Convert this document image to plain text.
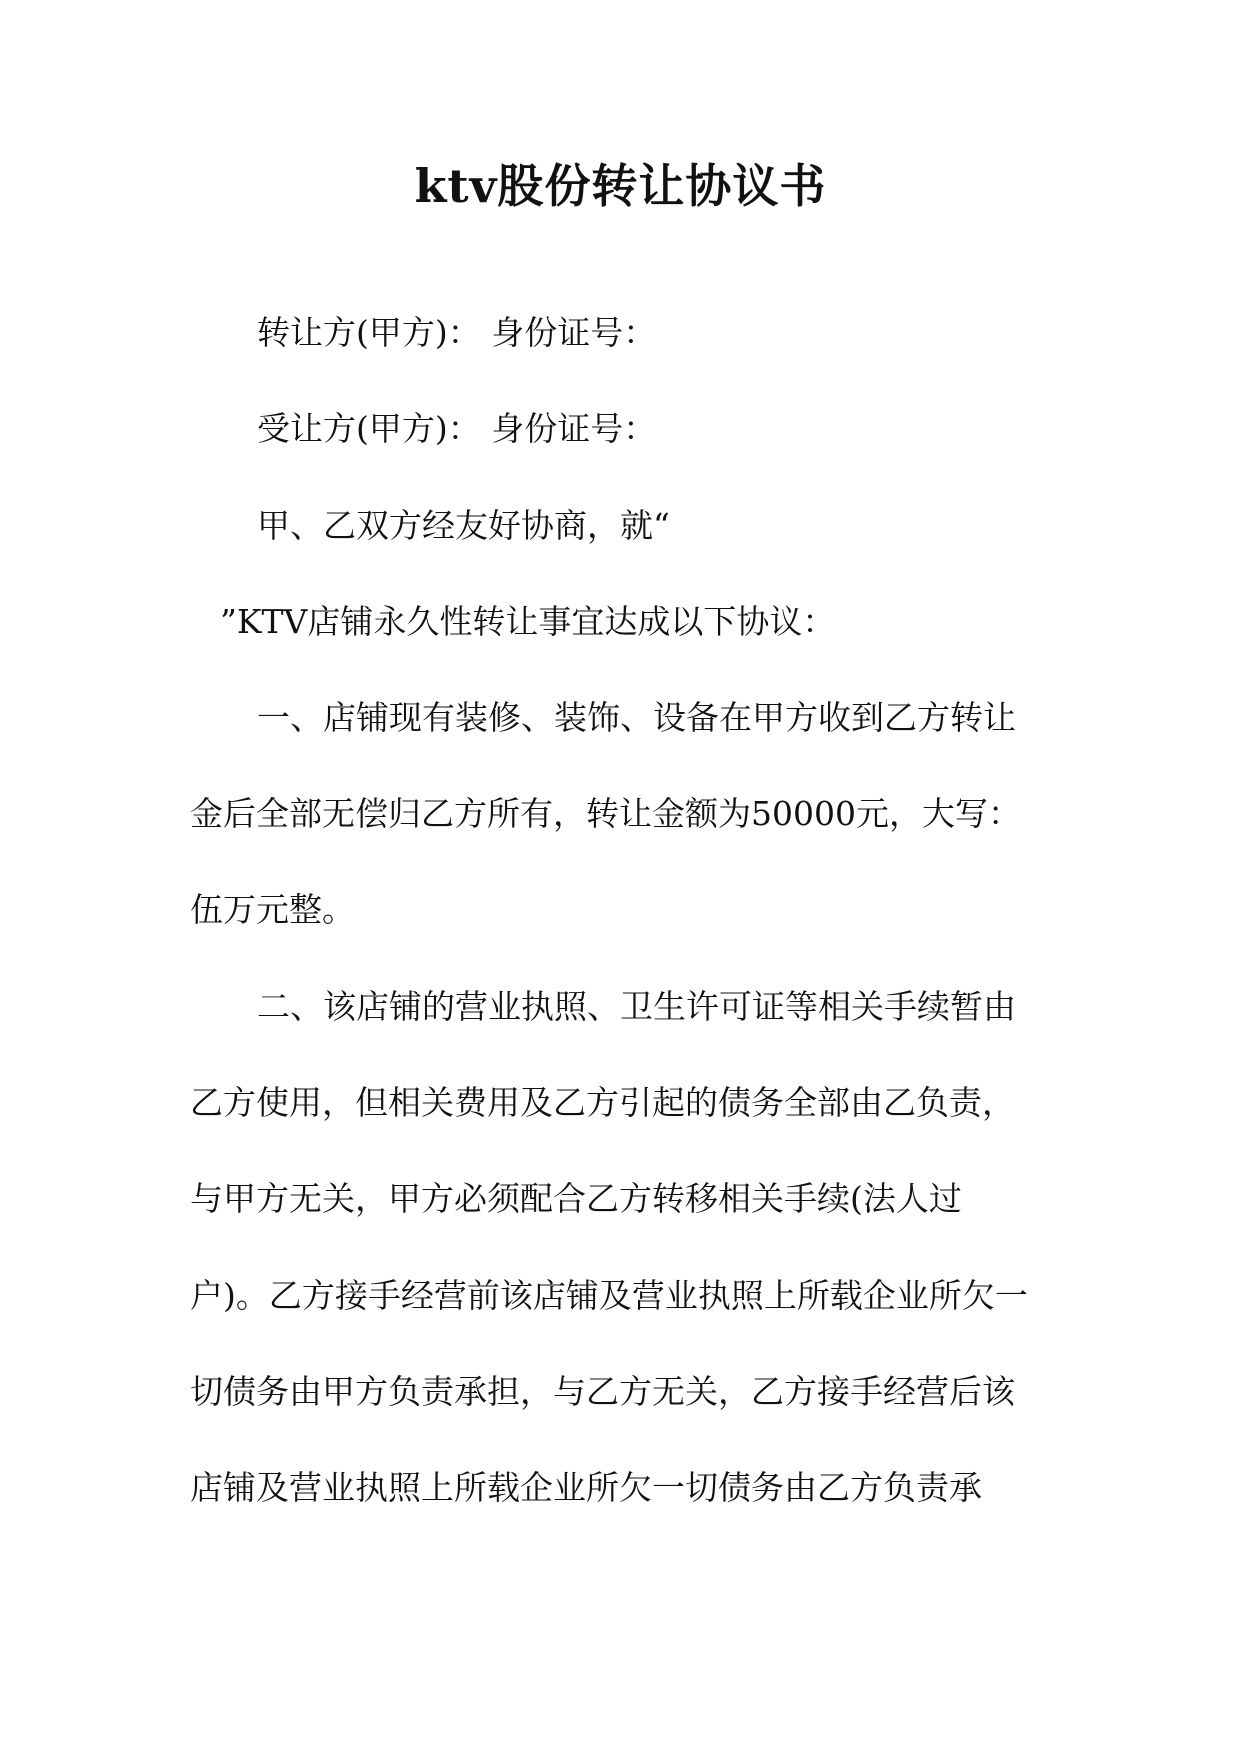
ktv股份转让协议书
转让方(甲方)： 身份证号：
受让方(甲方)： 身份证号：
甲、乙双方经友好协商，就“
”KTV店铺永久性转让事宜达成以下协议：
一、店铺现有装修、装饰、设备在甲方收到乙方转让
金后全部无偿归乙方所有，转让金额为50000元，大写：
伍万元整。
二、该店铺的营业执照、卫生许可证等相关手续暂由
乙方使用，但相关费用及乙方引起的债务全部由乙负责，
与甲方无关，甲方必须配合乙方转移相关手续(法人过
户)。乙方接手经营前该店铺及营业执照上所载企业所欠一
切债务由甲方负责承担，与乙方无关，乙方接手经营后该
店铺及营业执照上所载企业所欠一切债务由乙方负责承
